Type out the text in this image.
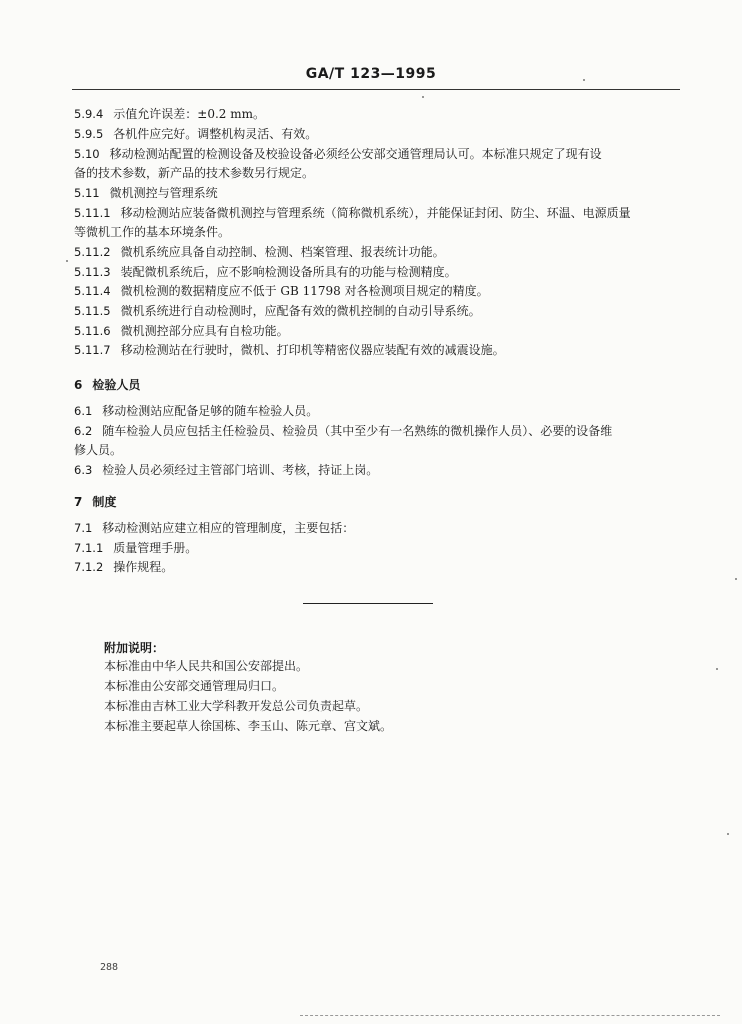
GA/T 123—1995
5.9.4 示值允许误差：±0.2 mm。
5.9.5 各机件应完好。调整机构灵活、有效。
5.10 移动检测站配置的检测设备及校验设备必须经公安部交通管理局认可。本标准只规定了现有设
备的技术参数，新产品的技术参数另行规定。
5.11 微机测控与管理系统
5.11.1 移动检测站应装备微机测控与管理系统（简称微机系统），并能保证封闭、防尘、环温、电源质量
等微机工作的基本环境条件。
5.11.2 微机系统应具备自动控制、检测、档案管理、报表统计功能。
5.11.3 装配微机系统后，应不影响检测设备所具有的功能与检测精度。
5.11.4 微机检测的数据精度应不低于 GB 11798 对各检测项目规定的精度。
5.11.5 微机系统进行自动检测时，应配备有效的微机控制的自动引导系统。
5.11.6 微机测控部分应具有自检功能。
5.11.7 移动检测站在行驶时，微机、打印机等精密仪器应装配有效的减震设施。
6 检验人员
6.1 移动检测站应配备足够的随车检验人员。
6.2 随车检验人员应包括主任检验员、检验员（其中至少有一名熟练的微机操作人员）、必要的设备维
修人员。
6.3 检验人员必须经过主管部门培训、考核，持证上岗。
7 制度
7.1 移动检测站应建立相应的管理制度，主要包括：
7.1.1 质量管理手册。
7.1.2 操作规程。
附加说明：
本标准由中华人民共和国公安部提出。
本标准由公安部交通管理局归口。
本标准由吉林工业大学科教开发总公司负责起草。
本标准主要起草人徐国栋、李玉山、陈元章、宫文斌。
288
